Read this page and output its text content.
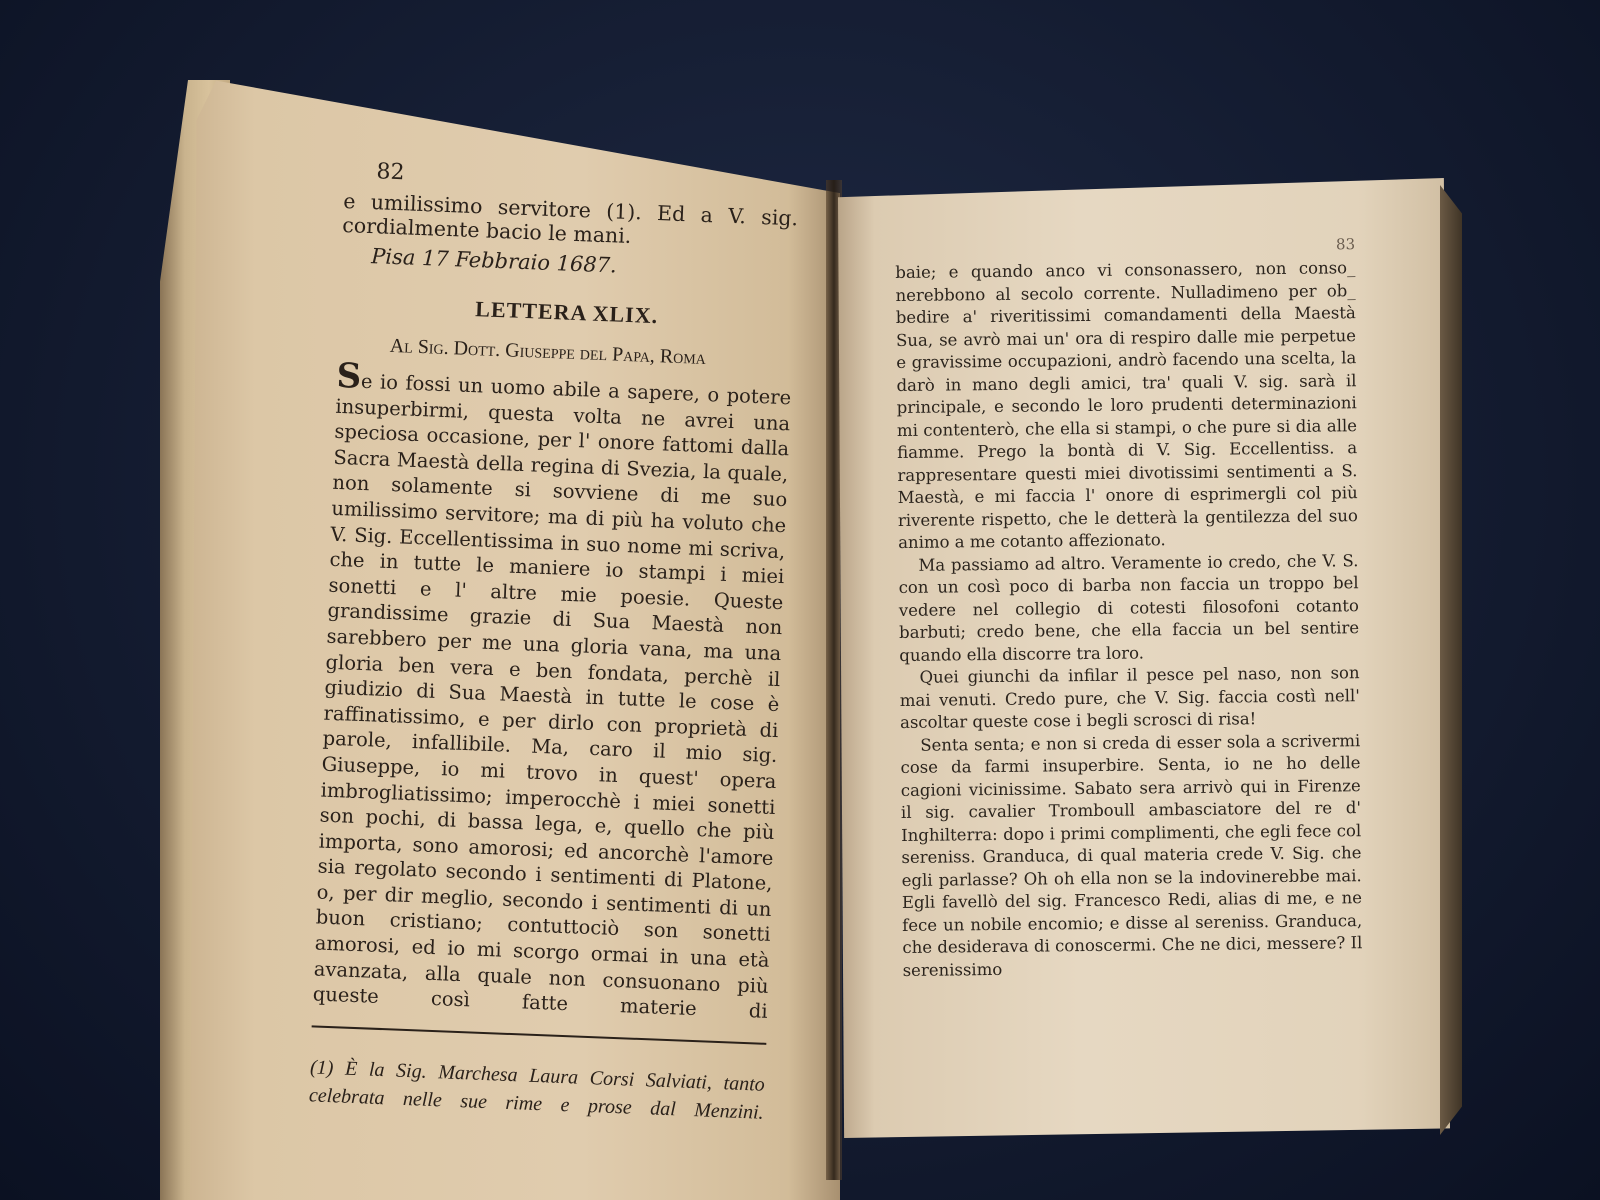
82
e umilissimo servitore (1). Ed a V. sig. cordialmente bacio le mani.
Pisa 17 Febbraio 1687.
LETTERA XLIX.
Al Sig. Dott. Giuseppe del Papa, Roma
Se io fossi un uomo abile a sapere, o potere insuperbirmi, questa volta ne avrei una speciosa occasione, per l' onore fattomi dalla Sacra Maestà della regina di Svezia, la quale, non solamente si sovviene di me suo umilissimo servitore; ma di più ha voluto che V. Sig. Eccellentissima in suo nome mi scriva, che in tutte le maniere io stampi i miei sonetti e l' altre mie poesie. Queste grandissime grazie di Sua Maestà non sarebbero per me una gloria vana, ma una gloria ben vera e ben fondata, perchè il giudizio di Sua Maestà in tutte le cose è raffinatissimo, e per dirlo con proprietà di parole, infallibile. Ma, caro il mio sig. Giuseppe, io mi trovo in quest' opera imbrogliatissimo; imperocchè i miei sonetti son pochi, di bassa lega, e, quello che più importa, sono amorosi; ed ancorchè l'amore sia regolato secondo i sentimenti di Platone, o, per dir meglio, secondo i sentimenti di un buon cristiano; contuttociò son sonetti amorosi, ed io mi scorgo ormai in una età avanzata, alla quale non consuonano più queste così fatte materie di
(1) È la Sig. Marchesa Laura Corsi Salviati, tanto celebrata nelle sue rime e prose dal Menzini.
83

baie; e quando anco vi consonassero, non conso_ nerebbono al secolo corrente. Nulladimeno per ob_ bedire a' riveritissimi comandamenti della Maestà Sua, se avrò mai un' ora di respiro dalle mie perpetue e gravissime occupazioni, andrò facendo una scelta, la darò in mano degli amici, tra' quali V. sig. sarà il principale, e secondo le loro prudenti determinazioni mi contenterò, che ella si stampi, o che pure si dia alle fiamme. Prego la bontà di V. Sig. Eccellentiss. a rappresentare questi miei divotissimi sentimenti a S. Maestà, e mi faccia l' onore di esprimergli col più riverente rispetto, che le detterà la gentilezza del suo animo a me cotanto affezionato.

Ma passiamo ad altro. Veramente io credo, che V. S. con un così poco di barba non faccia un troppo bel vedere nel collegio di cotesti filosofoni cotanto barbuti; credo bene, che ella faccia un bel sentire quando ella discorre tra loro.

Quei giunchi da infilar il pesce pel naso, non son mai venuti. Credo pure, che V. Sig. faccia costì nell' ascoltar queste cose i begli scrosci di risa!

Senta senta; e non si creda di esser sola a scrivermi cose da farmi insuperbire. Senta, io ne ho delle cagioni vicinissime. Sabato sera arrivò qui in Firenze il sig. cavalier Tromboull ambasciatore del re d' Inghilterra: dopo i primi complimenti, che egli fece col sereniss. Granduca, di qual materia crede V. Sig. che egli parlasse? Oh oh ella non se la indovinerebbe mai. Egli favellò del sig. Francesco Redi, alias di me, e ne fece un nobile encomio; e disse al sereniss. Granduca, che desiderava di conoscermi. Che ne dici, messere? Il serenissimo
